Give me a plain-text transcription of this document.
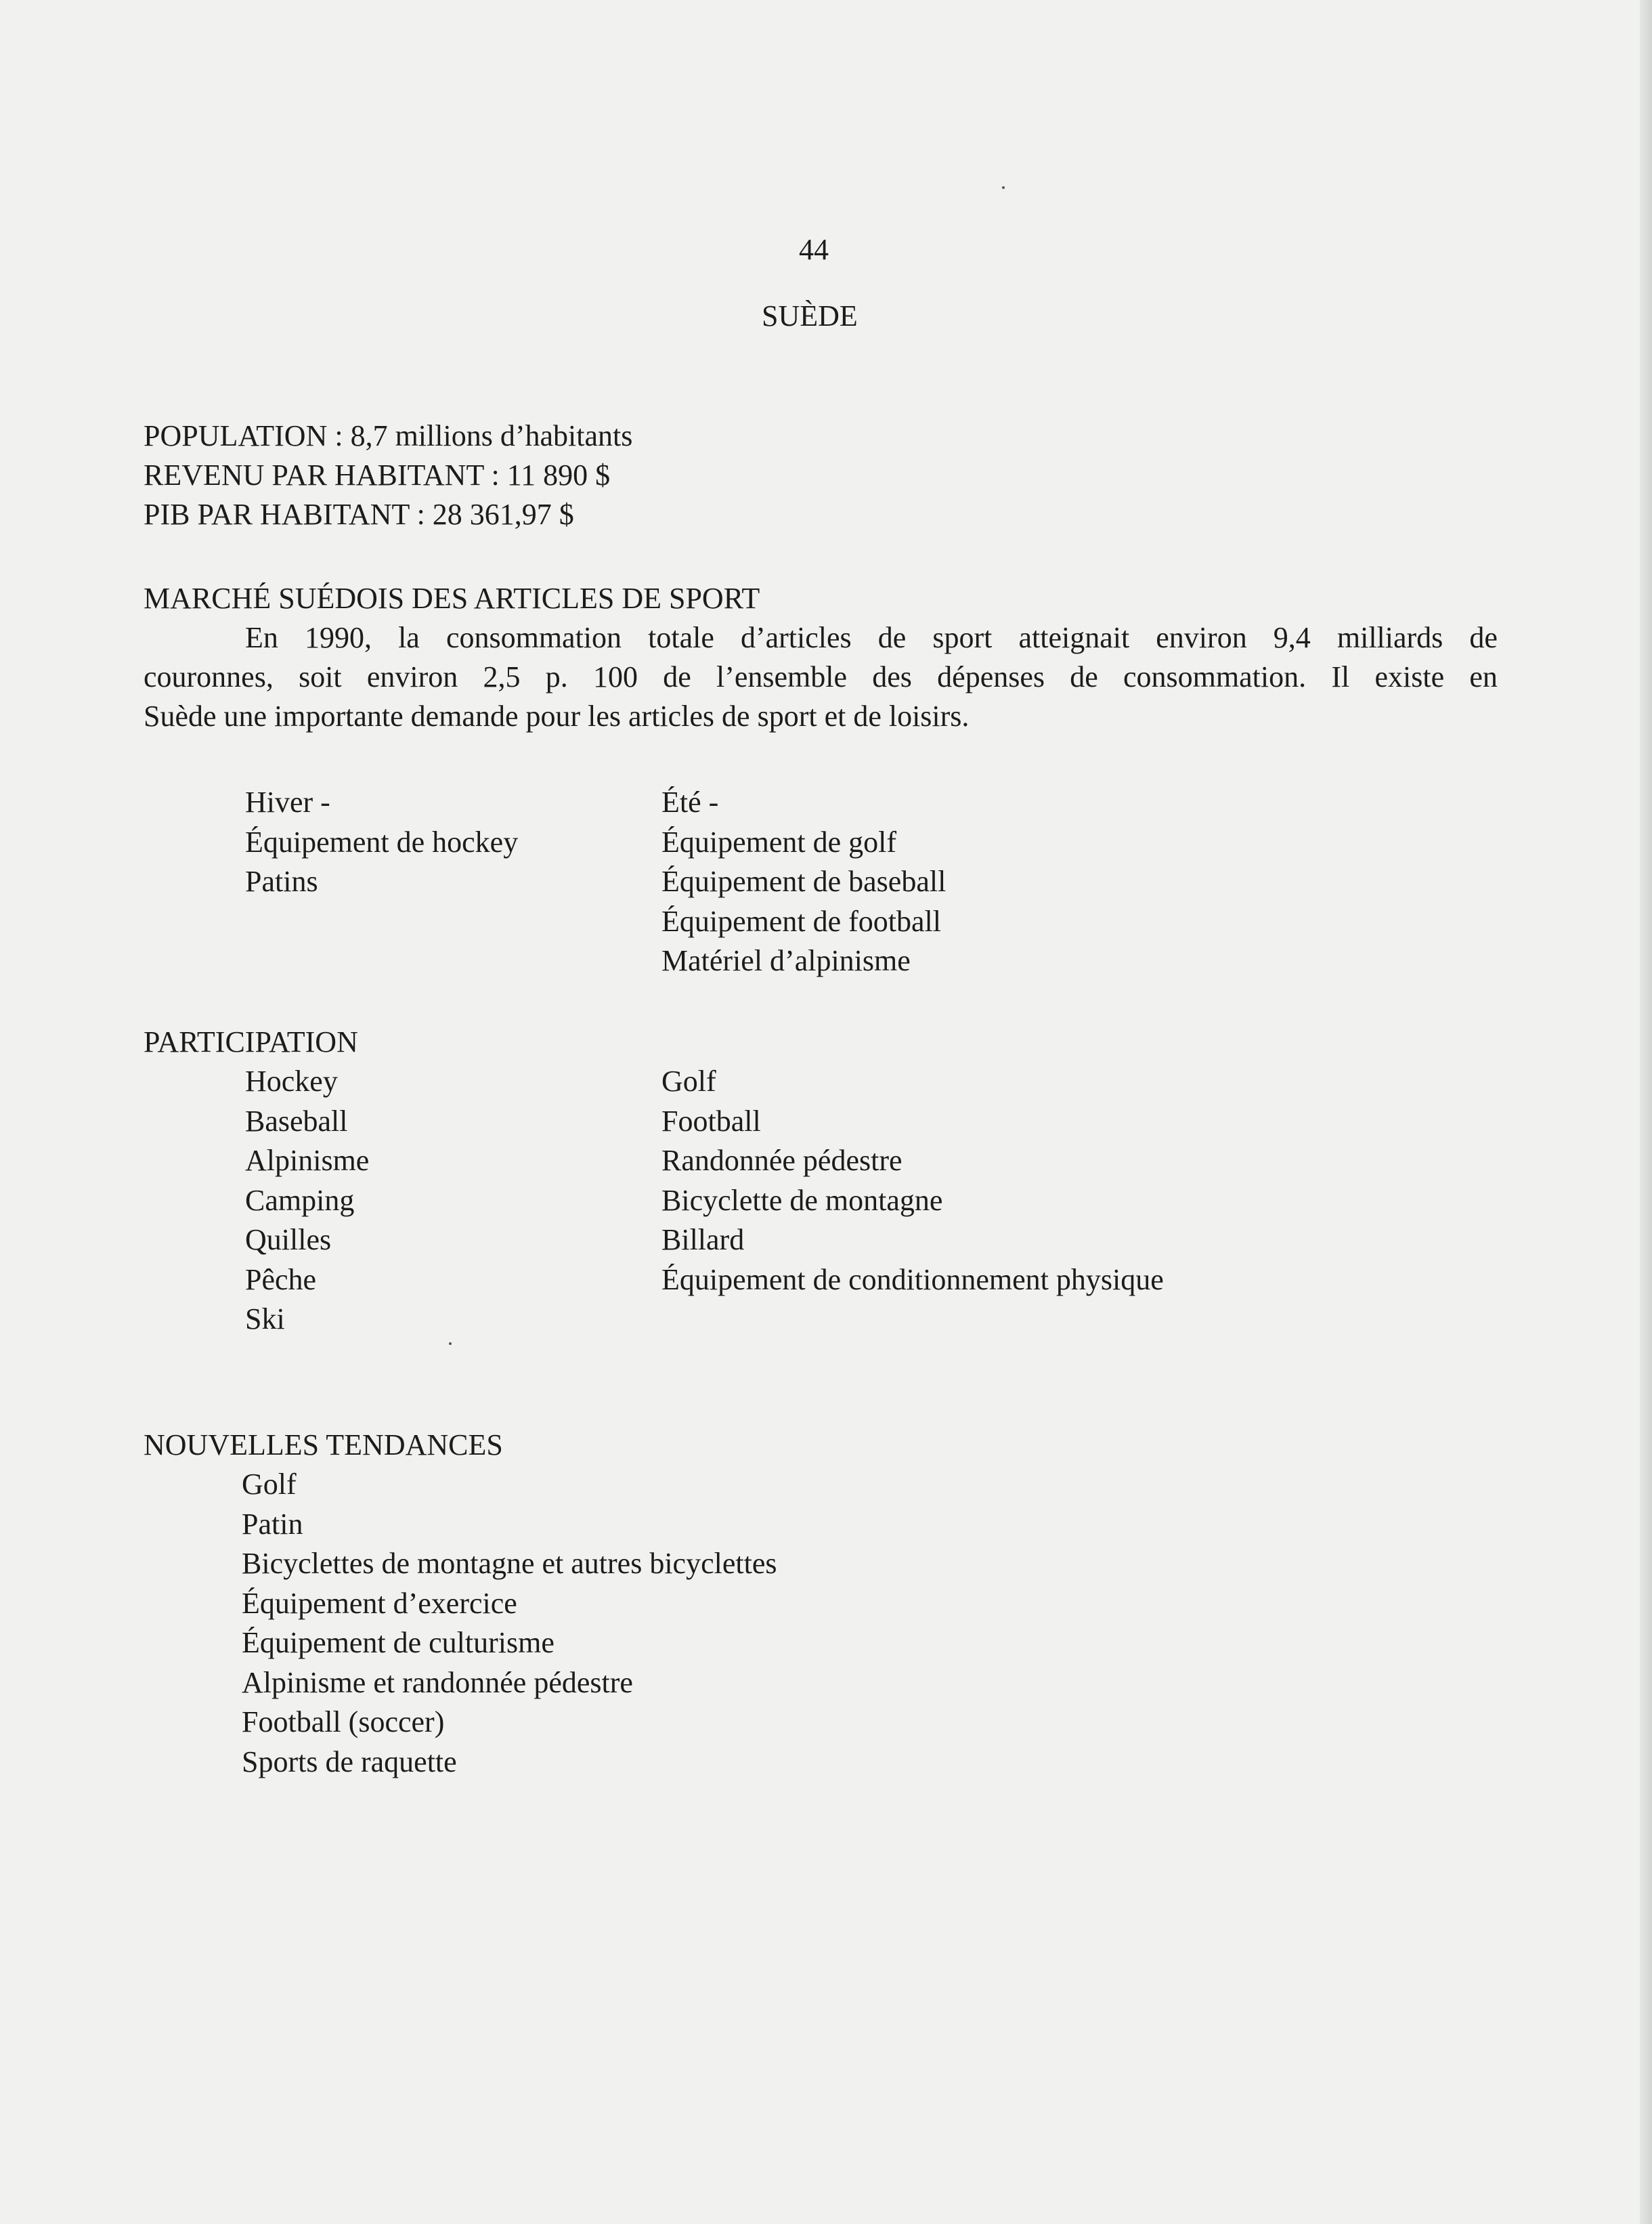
44
SUÈDE
POPULATION : 8,7 millions d’habitants
REVENU PAR HABITANT : 11 890 $
PIB PAR HABITANT : 28 361,97 $
MARCHÉ SUÉDOIS DES ARTICLES DE SPORT
En 1990, la consommation totale d’articles de sport atteignait environ 9,4 milliards de
couronnes, soit environ 2,5 p. 100 de l’ensemble des dépenses de consommation. Il existe en
Suède une importante demande pour les articles de sport et de loisirs.
Hiver -
Équipement de hockey
Patins
Été -
Équipement de golf
Équipement de baseball
Équipement de football
Matériel d’alpinisme
PARTICIPATION
Hockey
Baseball
Alpinisme
Camping
Quilles
Pêche
Ski
Golf
Football
Randonnée pédestre
Bicyclette de montagne
Billard
Équipement de conditionnement physique
NOUVELLES TENDANCES
Golf
Patin
Bicyclettes de montagne et autres bicyclettes
Équipement d’exercice
Équipement de culturisme
Alpinisme et randonnée pédestre
Football (soccer)
Sports de raquette
